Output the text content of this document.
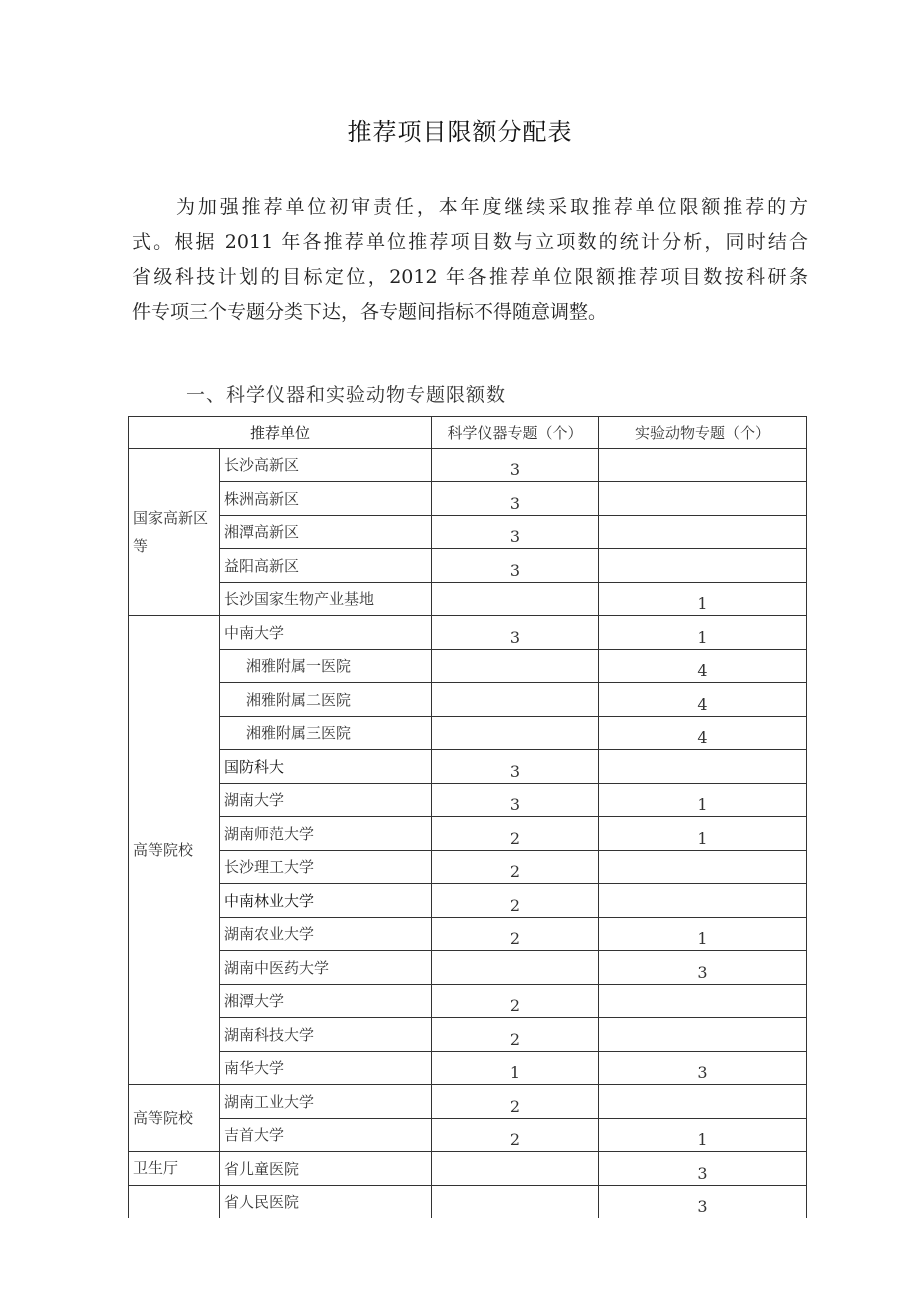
推荐项目限额分配表
为加强推荐单位初审责任，本年度继续采取推荐单位限额推荐的方
式。根据 2011 年各推荐单位推荐项目数与立项数的统计分析，同时结合
省级科技计划的目标定位，2012 年各推荐单位限额推荐项目数按科研条
件专项三个专题分类下达，各专题间指标不得随意调整。
一、科学仪器和实验动物专题限额数
推荐单位		科学仪器专题（个）	实验动物专题（个）
国家高新区等	长沙高新区	3	
	株洲高新区	3	
	湘潭高新区	3	
	益阳高新区	3	
	长沙国家生物产业基地		1
高等院校	中南大学	3	1
	湘雅附属一医院		4
	湘雅附属二医院		4
	湘雅附属三医院		4
	国防科大	3	
	湖南大学	3	1
	湖南师范大学	2	1
	长沙理工大学	2	
	中南林业大学	2	
	湖南农业大学	2	1
	湖南中医药大学		3
	湘潭大学	2	
	湖南科技大学	2	
	南华大学	1	3
高等院校	湖南工业大学	2	
	吉首大学	2	1
卫生厅	省儿童医院		3
	省人民医院		3
